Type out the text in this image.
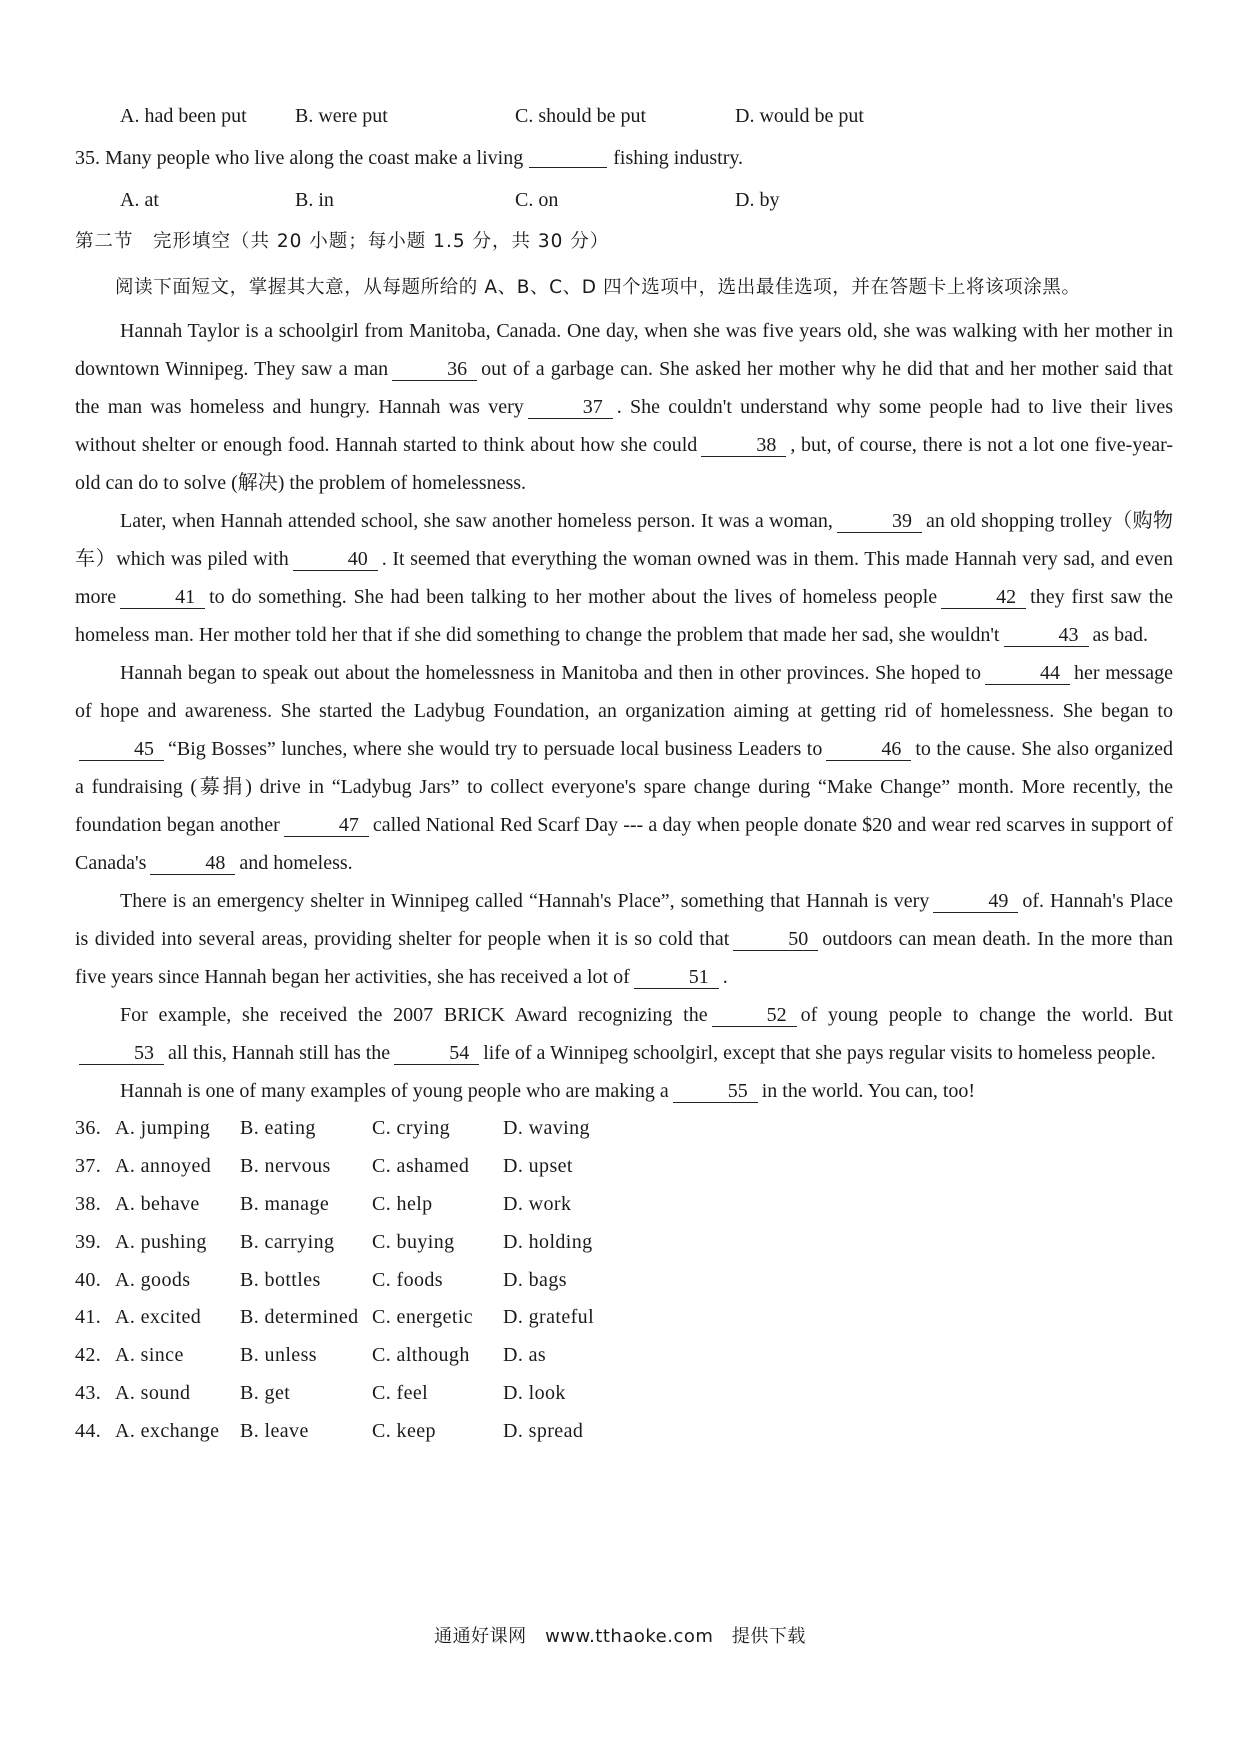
A. had been put	B. were put	C. should be put	D. would be put
35. Many people who live along the coast make a living	fishing industry.
A. at	B. in	C. on	D. by
第二节　完形填空（共 20 小题；每小题 1.5 分，共 30 分）
阅读下面短文，掌握其大意，从每题所给的 A、B、C、D 四个选项中，选出最佳选项，并在答题卡上将该项涂黑。

Hannah Taylor is a schoolgirl from Manitoba, Canada. One day, when she was five years old, she was walking with her mother in downtown Winnipeg. They saw a man	36 out of a garbage can. She asked her mother why he did that and her mother said that the man was homeless and hungry. Hannah was very	37 . She couldn't understand why some people had to live their lives without shelter or enough food. Hannah started to think about how she could	38 , but, of course, there is not a lot one five-year-old can do to solve (解决) the problem of homelessness.

Later, when Hannah attended school, she saw another homeless person. It was a woman,	39 an old shopping trolley（购物车）which was piled with	40 . It seemed that everything the woman owned was in them. This made Hannah very sad, and even more	41 to do something. She had been talking to her mother about the lives of homeless people	42 they first saw the homeless man. Her mother told her that if she did something to change the problem that made her sad, she wouldn't	43 as bad.

Hannah began to speak out about the homelessness in Manitoba and then in other provinces. She hoped to	44 her message of hope and awareness. She started the Ladybug Foundation, an organization aiming at getting rid of homelessness. She began to45 “Big Bosses” lunches, where she would try to persuade local business Leaders to	46 to the cause. She also organized a fundraising (募捐) drive in “Ladybug Jars” to collect everyone's spare change during “Make Change” month. More recently, the foundation began another	47 called National Red Scarf Day --- a day when people donate $20 and wear red scarves in support of Canada's	48 and homeless.

There is an emergency shelter in Winnipeg called “Hannah's Place”, something that Hannah is very	49 of. Hannah's Place is divided into several areas, providing shelter for people when it is so cold that	50 outdoors can mean death. In the more than five years since Hannah began her activities, she has received a lot of	51 .

For example, she received the 2007 BRICK Award recognizing the	52 of young people to change the world. But53 all this, Hannah still has the	54 life of a Winnipeg schoolgirl, except that she pays regular visits to homeless people.

Hannah is one of many examples of young people who are making a	55 in the world. You can, too!

36. A. jumping	B. eating	C. crying	D. waving
37. A. annoyed	B. nervous	C. ashamed	D. upset
38. A. behave	B. manage	C. help	D. work
39. A. pushing	B. carrying	C. buying	D. holding
40. A. goods	B. bottles	C. foods	D. bags
41. A. excited	B. determined C. energetic	D. grateful
42. A. since	B. unless	C. although	D. as
43. A. sound	B. get	C. feel	D. look
44. A. exchange	B. leave	C. keep	D. spread
通通好课网　www.tthaoke.com　提供下载
